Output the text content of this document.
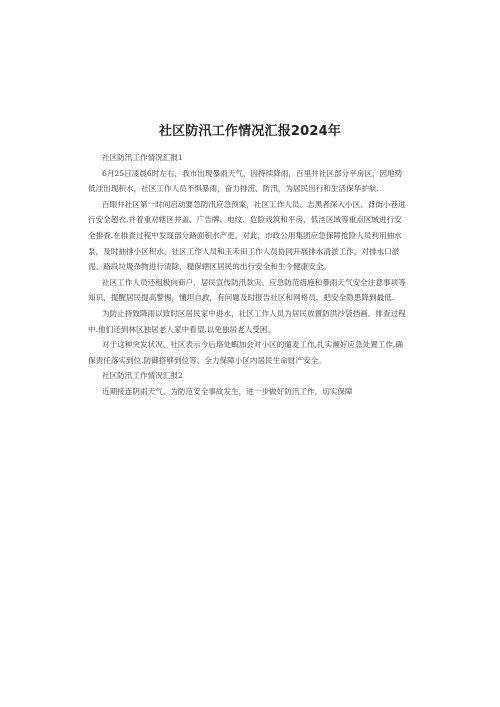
社区防汛工作情况汇报2024年

社区防汛工作情况汇报1

6月25日凌晨6时左右，我市出现暴雨天气，因持续降雨，百里井社区部分平房区，因地势低洼出现积水，社区工作人员不惧暴雨，奋力排涝、防汛，为居民出行和生活保华护航.

百眼井社区第一时间启动要急防汛应急预案，社区工作人员、志黑者深入小区、背街小巷进行安全超衣.并着重对辖区井盖、广告牌、电纹、危险戏筑和平房、低洼区域等重点区域进行安全排查.在排查过程中发现部分路面积水产更，对此，市政公用集团应急保障抢险人员利用抽水泵，及时抽排小区积水，社区工作人员和玉禾田工作人员协同开展排水清淤工作，对排水口淤泥、路段垃圾杂物进行清除，糙保辖区居民的出行安全和生今健康安全。

社区工作人员还租极向商户、居民宣传防汛款灾、应急防范措施和暴雨天气安全注意事项等知识，提醒居民提高警惕，懂坦自救，有问题及时报告社区和网格员，把安全隐患降到最低.

为防止持致降雨以致时区居民家中进水，社区工作人员为居民放置防洪沙袋挡画。排查过程中.他们还到林区独居老人家中看望.以免独居老人受困。

对于这种突发状况，社区表示今后珞处蝦加会对小区的遛麦工作,扎实濒好应急处置工作,确保责任落实到位.防御搭够到位等、全力保障小区内居民生命财产安全。

社区防汛工作情况汇报2

近期接连阴雨天气，为防范安全事故发生，进一步做好防汛工作，切实保障
